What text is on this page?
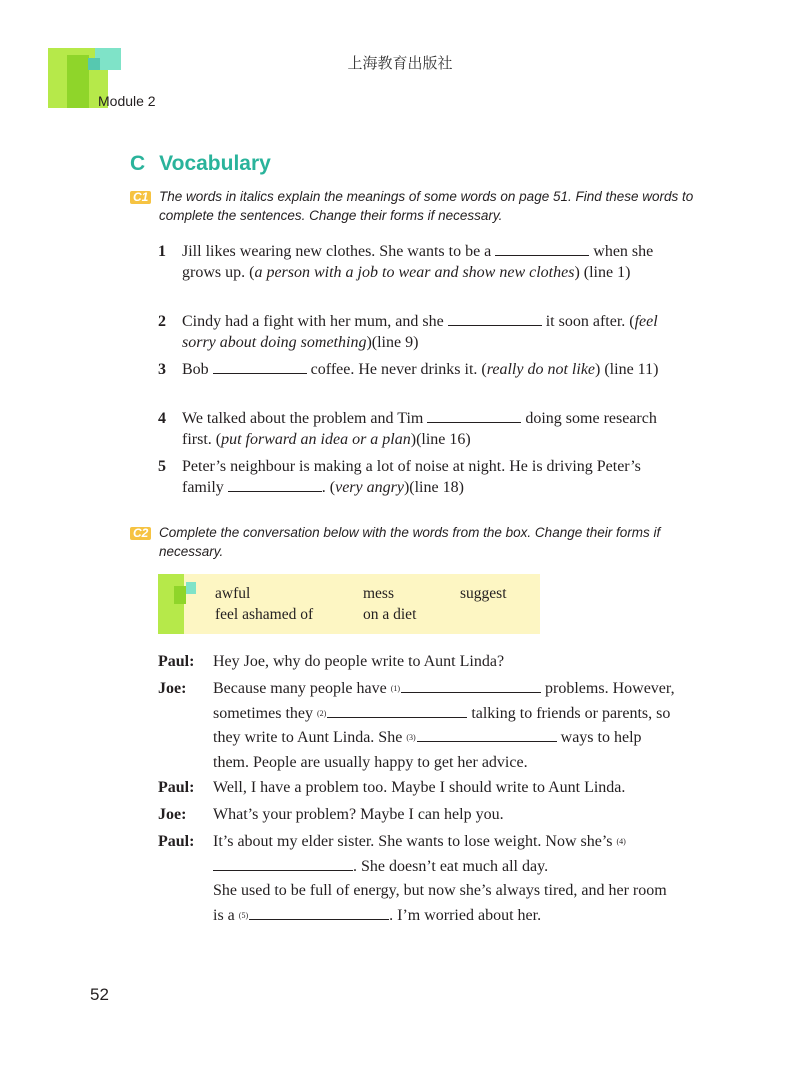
上海教育出版社
Module 2
C Vocabulary
C1 The words in italics explain the meanings of some words on page 51. Find these words to complete the sentences. Change their forms if necessary.
1 Jill likes wearing new clothes. She wants to be a	when she grows up. (a person with a job to wear and show new clothes) (line 1)
2 Cindy had a fight with her mum, and she	it soon after. (feel sorry about doing something)(line 9)
3 Bob	coffee. He never drinks it. (really do not like) (line 11)
4 We talked about the problem and Tim	doing some research first. (put forward an idea or a plan)(line 16)
5 Peter’s neighbour is making a lot of noise at night. He is driving Peter’s family	. (very angry)(line 18)
C2 Complete the conversation below with the words from the box. Change their forms if necessary.
awful	mess	suggest
feel ashamed of	on a diet
Paul: Hey Joe, why do people write to Aunt Linda?
Joe: Because many people have $^{(1)}$	problems. However, sometimes they $^{(2)}$	talking to friends or parents, so they write to Aunt Linda. She $^{(3)}$	ways to help them. People are usually happy to get her advice.
Paul: Well, I have a problem too. Maybe I should write to Aunt Linda.
Joe: What’s your problem? Maybe I can help you.
Paul: It’s about my elder sister. She wants to lose weight. Now she’s $^{(4)}$. She doesn’t eat much all day.
She used to be full of energy, but now she’s always tired, and her room is a $^{(5)}$	. I’m worried about her.
52
